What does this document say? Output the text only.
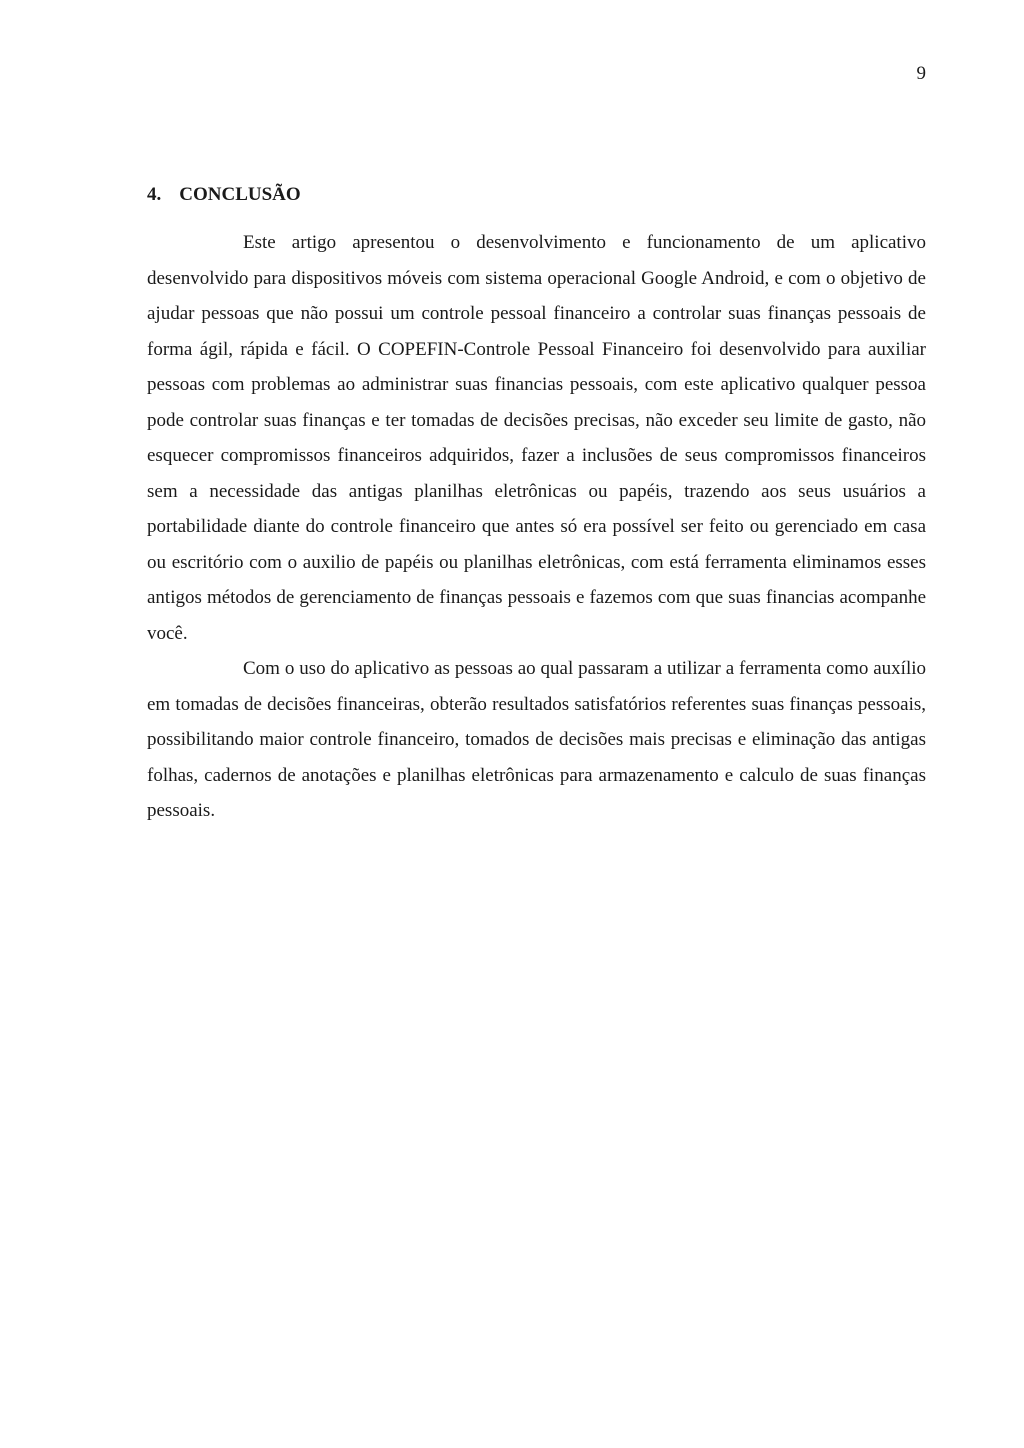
9
4. CONCLUSÃO

Este artigo apresentou o desenvolvimento e funcionamento de um aplicativo desenvolvido para dispositivos móveis com sistema operacional Google Android, e com o objetivo de ajudar pessoas que não possui um controle pessoal financeiro a controlar suas finanças pessoais de forma ágil, rápida e fácil. O COPEFIN-Controle Pessoal Financeiro foi desenvolvido para auxiliar pessoas com problemas ao administrar suas financias pessoais, com este aplicativo qualquer pessoa pode controlar suas finanças e ter tomadas de decisões precisas, não exceder seu limite de gasto, não esquecer compromissos financeiros adquiridos, fazer a inclusões de seus compromissos financeiros sem a necessidade das antigas planilhas eletrônicas ou papéis, trazendo aos seus usuários a portabilidade diante do controle financeiro que antes só era possível ser feito ou gerenciado em casa ou escritório com o auxilio de papéis ou planilhas eletrônicas, com está ferramenta eliminamos esses antigos métodos de gerenciamento de finanças pessoais e fazemos com que suas financias acompanhe você.

Com o uso do aplicativo as pessoas ao qual passaram a utilizar a ferramenta como auxílio em tomadas de decisões financeiras, obterão resultados satisfatórios referentes suas finanças pessoais, possibilitando maior controle financeiro, tomados de decisões mais precisas e eliminação das antigas folhas, cadernos de anotações e planilhas eletrônicas para armazenamento e calculo de suas finanças pessoais.
